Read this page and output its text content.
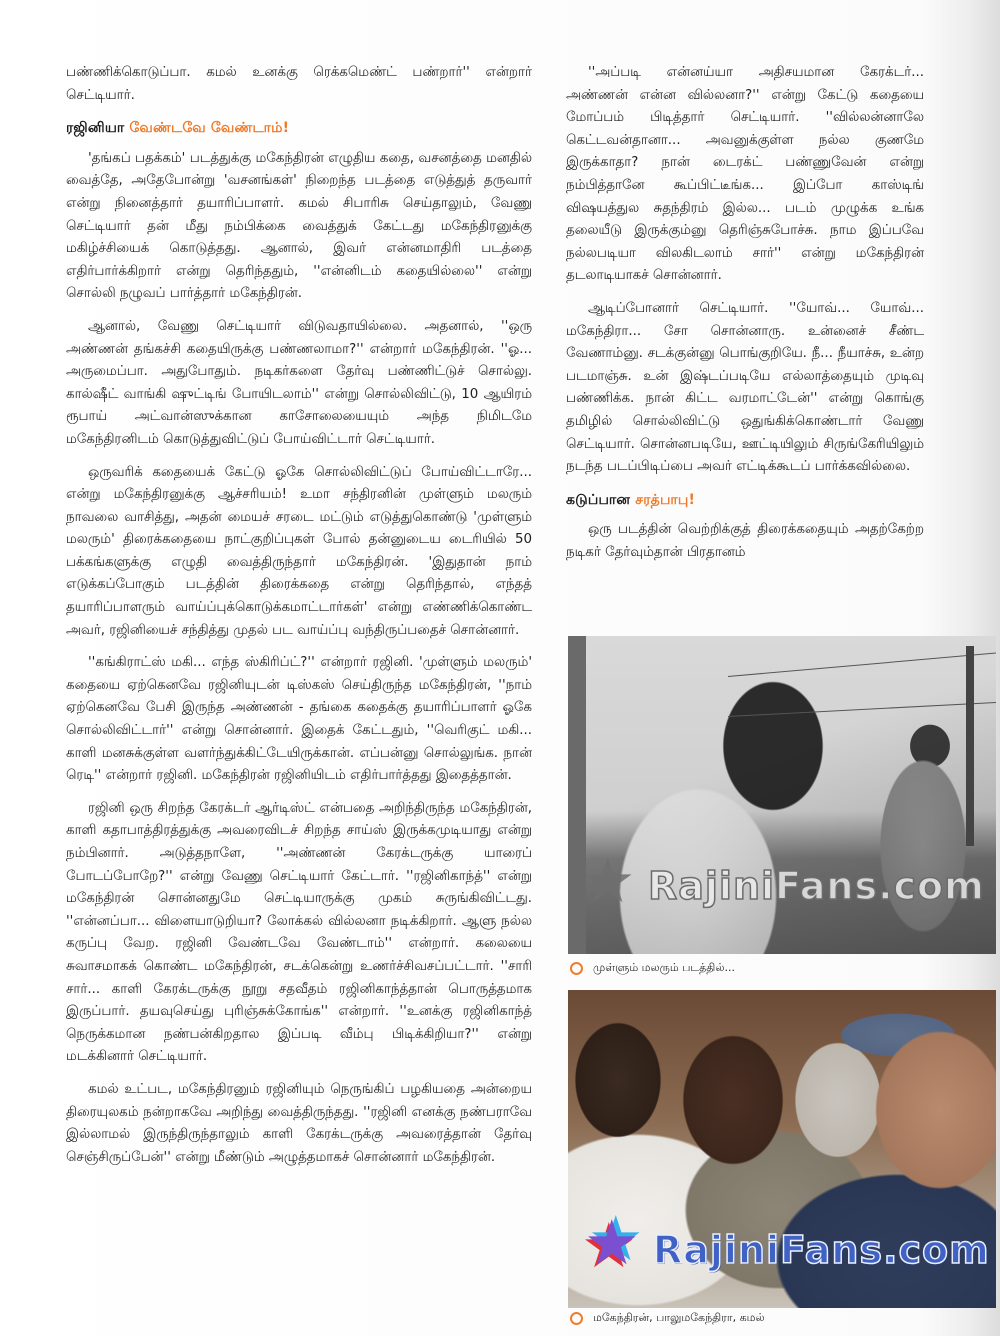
பண்ணிக்கொடுப்பா. கமல் உனக்கு ரெக்கமெண்ட் பண்றார்'' என்றார் செட்டியார்.

ரஜினியா வேண்டவே வேண்டாம்!

'தங்கப் பதக்கம்' படத்துக்கு மகேந்திரன் எழுதிய கதை, வசனத்தை மனதில் வைத்தே, அதேபோன்று 'வசனங்கள்' நிறைந்த படத்தை எடுத்துத் தருவார் என்று நினைத்தார் தயாரிப்பாளர். கமல் சிபாரிசு செய்தாலும், வேணு செட்டியார் தன் மீது நம்பிக்கை வைத்துக் கேட்டது மகேந்திரனுக்கு மகிழ்ச்சியைக் கொடுத்தது. ஆனால், இவர் என்னமாதிரி படத்தை எதிர்பார்க்கிறார் என்று தெரிந்ததும், ''என்னிடம் கதையில்லை'' என்று சொல்லி நழுவப் பார்த்தார் மகேந்திரன்.

ஆனால், வேணு செட்டியார் விடுவதாயில்லை. அதனால், ''ஒரு அண்ணன் தங்கச்சி கதையிருக்கு பண்ணலாமா?'' என்றார் மகேந்திரன். ''ஓ... அருமைப்பா. அதுபோதும். நடிகர்களை தேர்வு பண்ணிட்டுச் சொல்லு. கால்ஷீட் வாங்கி ஷுட்டிங் போயிடலாம்'' என்று சொல்லிவிட்டு, 10 ஆயிரம் ரூபாய் அட்வான்ஸுக்கான காசோலையையும் அந்த நிமிடமே மகேந்திரனிடம் கொடுத்துவிட்டுப் போய்விட்டார் செட்டியார்.

ஒருவரிக் கதையைக் கேட்டு ஓகே சொல்லிவிட்டுப் போய்விட்டாரே... என்று மகேந்திரனுக்கு ஆச்சரியம்! உமா சந்திரனின் முள்ளும் மலரும் நாவலை வாசித்து, அதன் மையச் சரடை மட்டும் எடுத்துகொண்டு 'முள்ளும் மலரும்' திரைக்கதையை நாட்குறிப்புகள் போல் தன்னுடைய டைரியில் 50 பக்கங்களுக்கு எழுதி வைத்திருந்தார் மகேந்திரன். 'இதுதான் நாம் எடுக்கப்போகும் படத்தின் திரைக்கதை என்று தெரிந்தால், எந்தத் தயாரிப்பாளரும் வாய்ப்புக்கொடுக்கமாட்டார்கள்' என்று எண்ணிக்கொண்ட அவர், ரஜினியைச் சந்தித்து முதல் பட வாய்ப்பு வந்திருப்பதைச் சொன்னார்.

''கங்கிராட்ஸ் மகி... எந்த ஸ்கிரிப்ட்?'' என்றார் ரஜினி. 'முள்ளும் மலரும்' கதையை ஏற்கெனவே ரஜினியுடன் டிஸ்கஸ் செய்திருந்த மகேந்திரன், ''நாம் ஏற்கெனவே பேசி இருந்த அண்ணன் - தங்கை கதைக்கு தயாரிப்பாளர் ஓகே சொல்லிவிட்டார்'' என்று சொன்னார். இதைக் கேட்டதும், ''வெரிகுட் மகி... காளி மனசுக்குள்ள வளர்ந்துக்கிட்டேயிருக்கான். எப்பன்னு சொல்லுங்க. நான் ரெடி'' என்றார் ரஜினி. மகேந்திரன் ரஜினியிடம் எதிர்பார்த்தது இதைத்தான்.

ரஜினி ஒரு சிறந்த கேரக்டர் ஆர்டிஸ்ட் என்பதை அறிந்திருந்த மகேந்திரன், காளி கதாபாத்திரத்துக்கு அவரைவிடச் சிறந்த சாய்ஸ் இருக்கமுடியாது என்று நம்பினார். அடுத்தநாளே, ''அண்ணன் கேரக்டருக்கு யாரைப் போடப்போறே?'' என்று வேணு செட்டியார் கேட்டார். ''ரஜினிகாந்த்'' என்று மகேந்திரன் சொன்னதுமே செட்டியாருக்கு முகம் சுருங்கிவிட்டது. ''என்னப்பா... விளையாடுறியா? லோக்கல் வில்லனா நடிக்கிறார். ஆளு நல்ல கருப்பு வேற. ரஜினி வேண்டவே வேண்டாம்'' என்றார். கலையை சுவாசமாகக் கொண்ட மகேந்திரன், சடக்கென்று உணர்ச்சிவசப்பட்டார். ''சாரி சார்... காளி கேரக்டருக்கு நூறு சதவீதம் ரஜினிகாந்த்தான் பொருத்தமாக இருப்பார். தயவுசெய்து புரிஞ்சுக்கோங்க'' என்றார். ''உனக்கு ரஜினிகாந்த் நெருக்கமான நண்பன்கிறதால இப்படி வீம்பு பிடிக்கிறியா?'' என்று மடக்கினார் செட்டியார்.

கமல் உட்பட, மகேந்திரனும் ரஜினியும் நெருங்கிப் பழகியதை அன்றைய திரையுலகம் நன்றாகவே அறிந்து வைத்திருந்தது. ''ரஜினி எனக்கு நண்பராவே இல்லாமல் இருந்திருந்தாலும் காளி கேரக்டருக்கு அவரைத்தான் தேர்வு செஞ்சிருப்பேன்'' என்று மீண்டும் அழுத்தமாகச் சொன்னார் மகேந்திரன்.

''அப்படி என்னய்யா அதிசயமான கேரக்டர்... அண்ணன் என்ன வில்லனா?'' என்று கேட்டு கதையை மோப்பம் பிடித்தார் செட்டியார். ''வில்லன்னாலே கெட்டவன்தானா... அவனுக்குள்ள நல்ல குணமே இருக்காதா? நான் டைரக்ட் பண்ணுவேன் என்று நம்பித்தானே கூப்பிட்டீங்க... இப்போ காஸ்டிங் விஷயத்துல சுதந்திரம் இல்ல... படம் முழுக்க உங்க தலையீடு இருக்கும்னு தெரிஞ்சுபோச்சு. நாம இப்பவே நல்லபடியா விலகிடலாம் சார்'' என்று மகேந்திரன் தடலாடியாகச் சொன்னார்.

ஆடிப்போனார் செட்டியார். ''யோவ்... யோவ்... மகேந்திரா... சோ சொன்னாரு. உன்னைச் சீண்ட வேணாம்னு. சடக்குன்னு பொங்குறியே. நீ... நீயாச்சு, உன்ற படமாஞ்சு. உன் இஷ்டப்படியே எல்லாத்தையும் முடிவு பண்ணிக்க. நான் கிட்ட வரமாட்டேன்'' என்று கொங்கு தமிழில் சொல்லிவிட்டு ஒதுங்கிக்கொண்டார் வேணு செட்டியார். சொன்னபடியே, ஊட்டியிலும் சிருங்கேரியிலும் நடந்த படப்பிடிப்பை அவர் எட்டிக்கூடப் பார்க்கவில்லை.

கடுப்பான சரத்பாபு!

ஒரு படத்தின் வெற்றிக்குத் திரைக்கதையும் அதற்கேற்ற நடிகர் தேர்வும்தான் பிரதானம்

★ RajiniFans.com
முள்ளும் மலரும் படத்தில்...
★ RajiniFans.com
மகேந்திரன், பாலுமகேந்திரா, கமல்
